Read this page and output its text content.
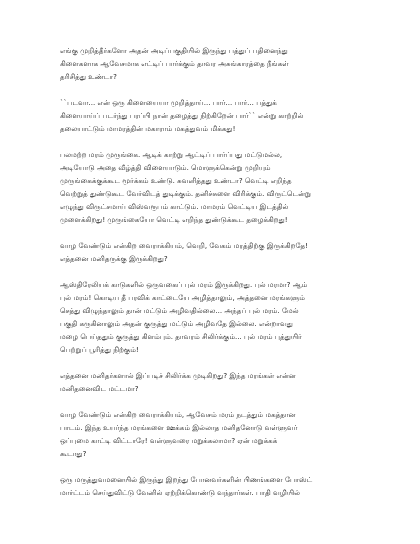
எங்கு முறித்தீர்களோ அதன் அடிப்பகுதியில் இருந்து பத்துப் பதினைந்து
கிளைகளாக ஆவேசமாக எட்டிப் பார்க்கும் தாவர அசுங்காரத்தை நீங்கள்
தரிசித்து உண்டா?
``படவா... என் ஒரு கிளையையா முறித்தாய்... பார்... பார்... பத்துக்
கிளையாய்ப் படர்ந்து பரப்பி நான் தழைத்து நிற்கிறேன் பார்`` என்று காற்றில்
தலையாட்டும் மாமரத்தின் மகாராம் மகத்துவம் மிக்கது!
பலமற்ற மரம் முருங்கை. ஆடிக் காற்று ஆட்டிப் பார்ப்பது மட்டுமல்ல,
அடியோடு அதை வீழ்த்தி விளையாடும். மொளுக்கென்று முறியும்
முருங்கைக்குக்கூட மூர்க்கம் உண்டு. சுவளித்தது உண்டா? வெட்டி எறிந்த
வெற்றுத் துண்டுகூட வேர்விடத் துடிக்கும். தனிச்சுளை விரிக்கும். விருட்டென்று
எழுந்து விருட்சமாய் விஸ்வரூபம் காட்டும். மாமரம் வெட்டிய இடத்தில்
முளைக்கிறது! முருங்கையோ வெட்டி எறிந்த துண்டுக்கூட தழைக்கிறது!
வாழ வேண்டும் என்கிற வைராக்கியம், வெறி, வேகம் மரத்திற்கு இருக்கிறதே!
எத்தனை மனிதருக்கு இருக்கிறது?
ஆஸ்திரேலியக் காடுகளில் ஒருவகைப் புல் மரம் இருக்கிறது. புல் மரமா? ஆம்
புல் மரம்! கொடிய தீ பரவிக் காட்டையே அழித்தாலும், அத்தனை மரங்களும்
செத்து விழுந்தாலும் தான் மட்டும் அழிவதில்லை... அந்தப் புல் மரம். மேல்
பகுதி கருகினாலும் அதன் குருத்து மட்டும் அழிவதே இல்லை. என்றாவது
மழை பெய்ததும் குருத்து கிளம்பும். தாவரம் சிலிர்க்கும்... புல் மரம் புத்துயிர்
பெற்றுப் பூரித்து நிற்கும்!
எத்தனை மனிதர்களால் இப்படிச் சிலிர்க்க முடிகிறது? இந்த மரங்கள் என்ன
மனிதனைவிட மட்டமா?
வாழ வேண்டும் என்கிற வைராக்கியம், ஆவேசம் மரம் நடத்தும் மகத்தான
பாடம். இந்த உயர்ந்த மரங்களை ஊக்கம் இல்லாத மனிதனோடு வள்ளுவர்
ஒப்புமை காட்டி விட்டாரே! வள்ளுவரை மறுக்கலாமா? ஏன் மறுக்கக்
கூடாது?
ஒரு மருத்துவமனையில் இருந்து இறந்து போனவர்களின் பிணங்களை போஸ்ட்
மார்ட்டம் செய்துவிட்டு வேனில் ஏற்றிக்கொண்டு வந்தார்கள். பாதி வழியில்
